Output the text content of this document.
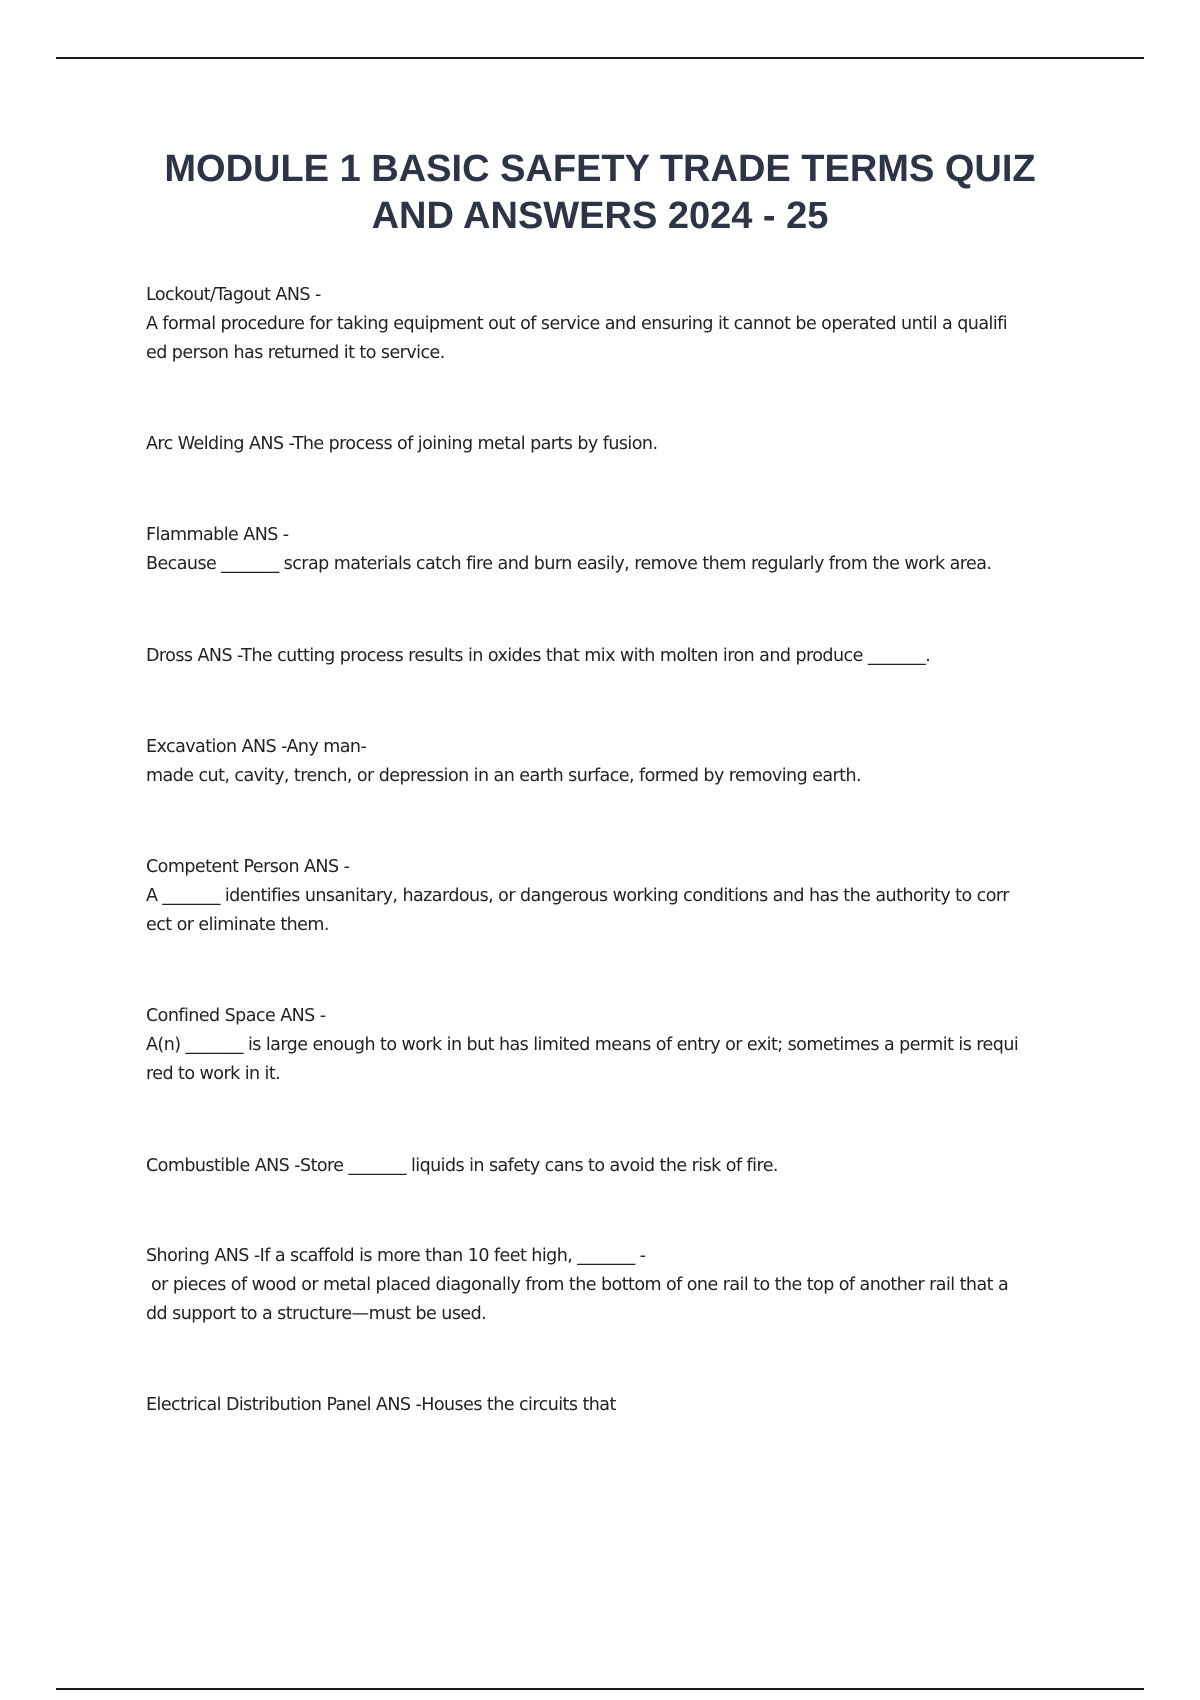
MODULE 1 BASIC SAFETY TRADE TERMS QUIZ
AND ANSWERS 2024 - 25

Lockout/Tagout ANS -
A formal procedure for taking equipment out of service and ensuring it cannot be operated until a qualifi
ed person has returned it to service.

Arc Welding ANS -The process of joining metal parts by fusion.

Flammable ANS -
Because _______ scrap materials catch fire and burn easily, remove them regularly from the work area.

Dross ANS -The cutting process results in oxides that mix with molten iron and produce _______.

Excavation ANS -Any man-
made cut, cavity, trench, or depression in an earth surface, formed by removing earth.

Competent Person ANS -
A _______ identifies unsanitary, hazardous, or dangerous working conditions and has the authority to corr
ect or eliminate them.

Confined Space ANS -
A(n) _______ is large enough to work in but has limited means of entry or exit; sometimes a permit is requi
red to work in it.

Combustible ANS -Store _______ liquids in safety cans to avoid the risk of fire.

Shoring ANS -If a scaffold is more than 10 feet high, _______ -
or pieces of wood or metal placed diagonally from the bottom of one rail to the top of another rail that a
dd support to a structure—must be used.

Electrical Distribution Panel ANS -Houses the circuits that
